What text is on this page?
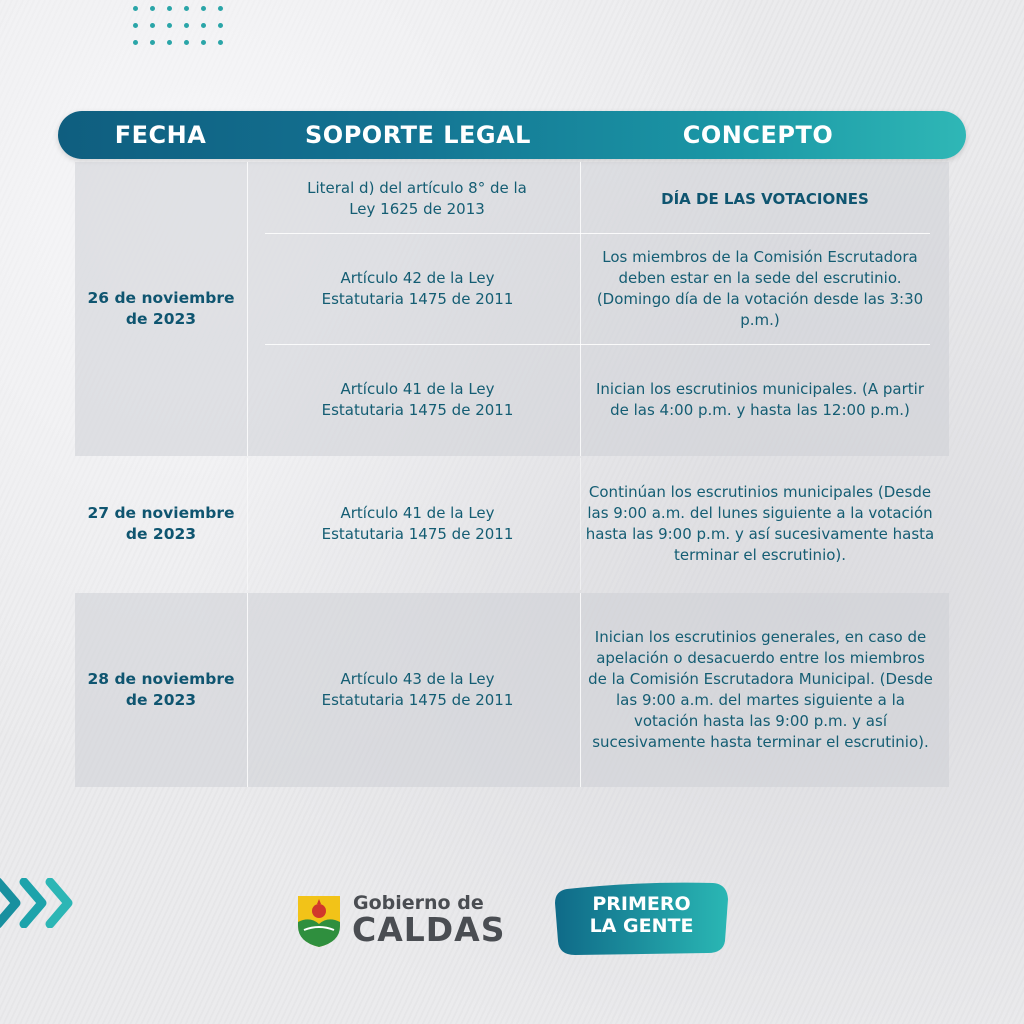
FECHA	SOPORTE LEGAL	CONCEPTO
26 de noviembre de 2023
Literal d) del artículo 8° de la Ley 1625 de 2013
DÍA DE LAS VOTACIONES
Artículo 42 de la Ley Estatutaria 1475 de 2011
Los miembros de la Comisión Escrutadora deben estar en la sede del escrutinio. (Domingo día de la votación desde las 3:30 p.m.)
Artículo 41 de la Ley Estatutaria 1475 de 2011
Inician los escrutinios municipales. (A partir de las 4:00 p.m. y hasta las 12:00 p.m.)
27 de noviembre de 2023
Artículo 41 de la Ley Estatutaria 1475 de 2011
Continúan los escrutinios municipales (Desde las 9:00 a.m. del lunes siguiente a la votación hasta las 9:00 p.m. y así sucesivamente hasta terminar el escrutinio).
28 de noviembre de 2023
Artículo 43 de la Ley Estatutaria 1475 de 2011
Inician los escrutinios generales, en caso de apelación o desacuerdo entre los miembros de la Comisión Escrutadora Municipal. (Desde las 9:00 a.m. del martes siguiente a la votación hasta las 9:00 p.m. y así sucesivamente hasta terminar el escrutinio).
Gobierno de
CALDAS
PRIMERO
LA GENTE
